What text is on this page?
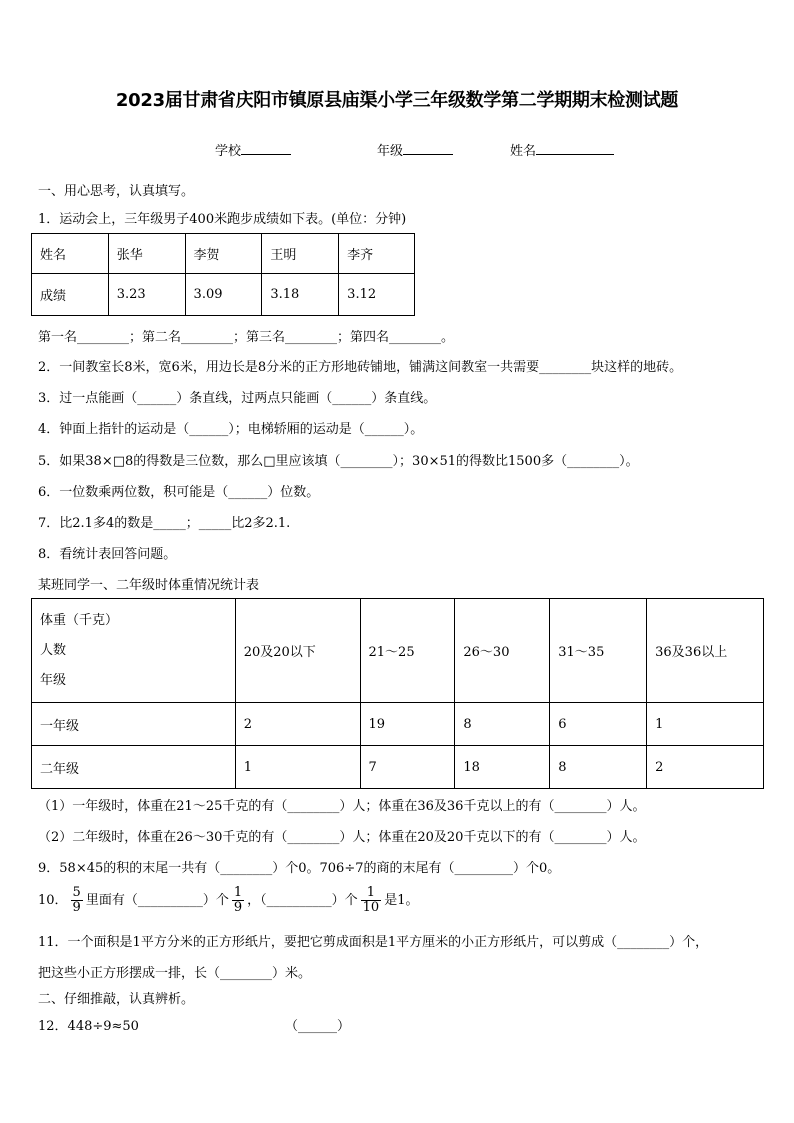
2023届甘肃省庆阳市镇原县庙渠小学三年级数学第二学期期末检测试题
学校	年级	姓名
一、用心思考，认真填写。
1．运动会上，三年级男子400米跑步成绩如下表。(单位：分钟)
姓名	张华	李贺	王明	李齐
成绩	3.23	3.09	3.18	3.12
第一名________；第二名________；第三名________；第四名________。
2．一间教室长8米，宽6米，用边长是8分米的正方形地砖铺地，铺满这间教室一共需要________块这样的地砖。
3．过一点能画（______）条直线，过两点只能画（______）条直线。
4．钟面上指针的运动是（______）；电梯轿厢的运动是（______）。
5．如果38×□8的得数是三位数，那么□里应该填（________）；30×51的得数比1500多（________）。
6．一位数乘两位数，积可能是（______）位数。
7．比2.1多4的数是_____；_____比2多2.1.
8．看统计表回答问题。
某班同学一、二年级时体重情况统计表
体重（千克）
人数
年级	20及20以下	21～25	26～30	31～35	36及36以上
一年级	2	19	8	6	1
二年级	1	7	18	8	2
（1）一年级时，体重在21～25千克的有（________）人；体重在36及36千克以上的有（________）人。
（2）二年级时，体重在26～30千克的有（________）人；体重在20及20千克以下的有（________）人。
9．58×45的积的末尾一共有（________）个0。706÷7的商的末尾有（_________）个0。
10． $\frac{5}{9}$ 里面有（__________）个 $\frac{1}{9}$ ，（__________）个 $\frac{1}{10}$ 是1。
11．一个面积是1平方分米的正方形纸片，要把它剪成面积是1平方厘米的小正方形纸片，可以剪成（________）个，
把这些小正方形摆成一排，长（________）米。
二、仔细推敲，认真辨析。
12．448÷9≈50	（______）
